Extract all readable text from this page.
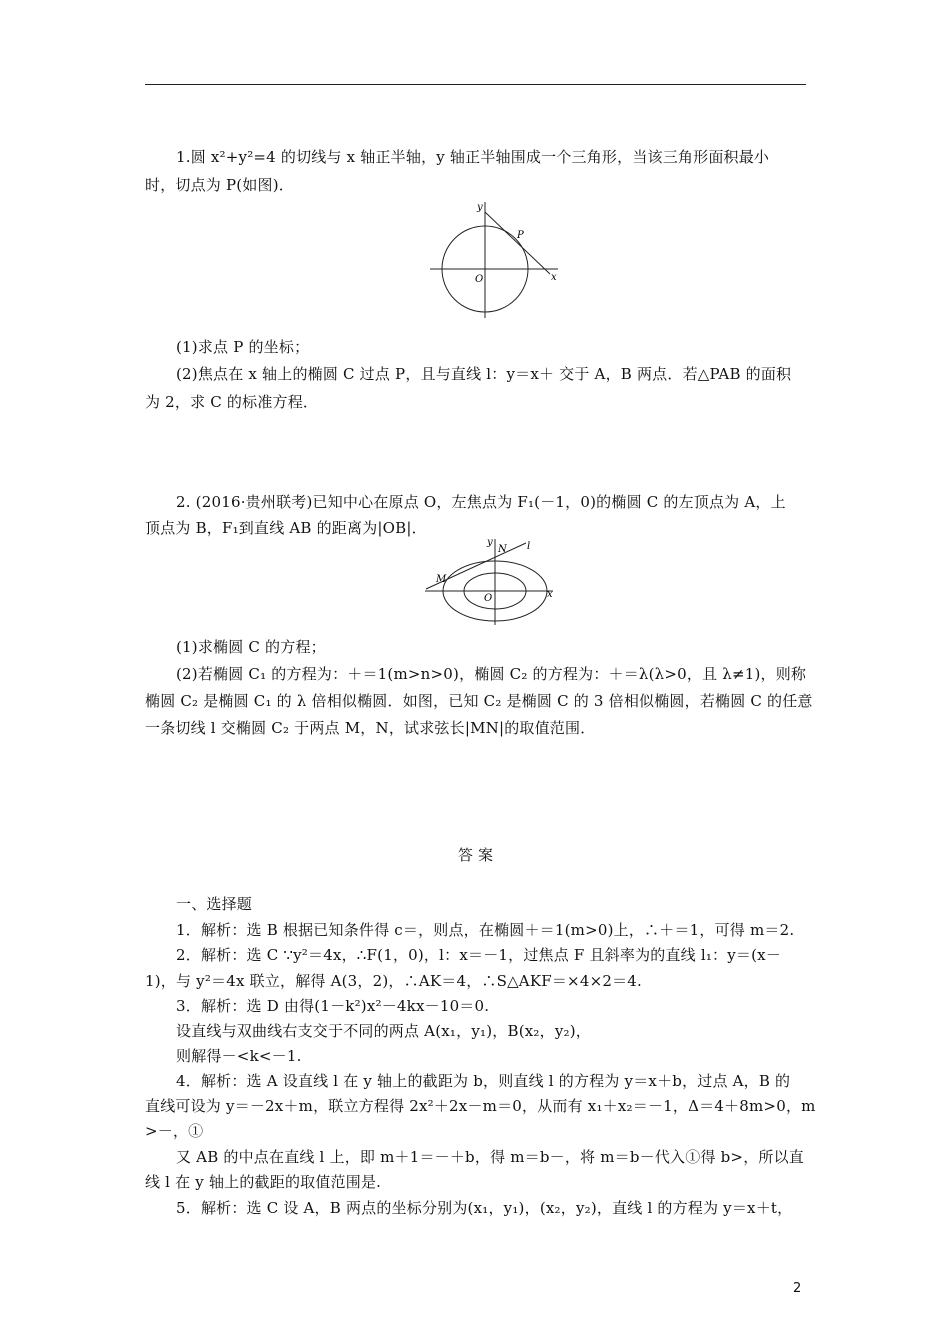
1.圆 x²+y²=4 的切线与 x 轴正半轴，y 轴正半轴围成一个三角形，当该三角形面积最小
时，切点为 P(如图)．
y
x
O
P
(1)求点 P 的坐标；
(2)焦点在 x 轴上的椭圆 C 过点 P，且与直线 l：y＝x＋ 交于 A，B 两点．若△PAB 的面积
为 2，求 C 的标准方程．
2. (2016·贵州联考)已知中心在原点 O，左焦点为 F₁(－1，0)的椭圆 C 的左顶点为 A，上
顶点为 B，F₁到直线 AB 的距离为|OB|．
y
x
O
N
M
l
(1)求椭圆 C 的方程；
(2)若椭圆 C₁ 的方程为：＋＝1(m>n>0)，椭圆 C₂ 的方程为：＋＝λ(λ>0，且 λ≠1)，则称
椭圆 C₂ 是椭圆 C₁ 的 λ 倍相似椭圆．如图，已知 C₂ 是椭圆 C 的 3 倍相似椭圆，若椭圆 C 的任意
一条切线 l 交椭圆 C₂ 于两点 M，N，试求弦长|MN|的取值范围．
答 案
一、选择题
1．解析：选 B 根据已知条件得 c＝，则点，在椭圆＋＝1(m>0)上，∴＋＝1，可得 m＝2.
2．解析：选 C ∵y²＝4x，∴F(1，0)，l：x＝－1，过焦点 F 且斜率为的直线 l₁：y＝(x－
1)，与 y²＝4x 联立，解得 A(3，2)，∴AK＝4，∴S△AKF＝×4×2＝4.
3．解析：选 D 由得(1－k²)x²－4kx－10＝0.
设直线与双曲线右支交于不同的两点 A(x₁，y₁)，B(x₂，y₂)，
则解得－<k<－1.
4．解析：选 A 设直线 l 在 y 轴上的截距为 b，则直线 l 的方程为 y＝x＋b，过点 A，B 的
直线可设为 y＝－2x＋m，联立方程得 2x²＋2x－m＝0，从而有 x₁＋x₂＝－1，Δ＝4＋8m>0，m
>－，①
又 AB 的中点在直线 l 上，即 m＋1＝－＋b，得 m＝b－，将 m＝b－代入①得 b>，所以直
线 l 在 y 轴上的截距的取值范围是.
5．解析：选 C 设 A，B 两点的坐标分别为(x₁，y₁)，(x₂，y₂)，直线 l 的方程为 y＝x＋t，
2
